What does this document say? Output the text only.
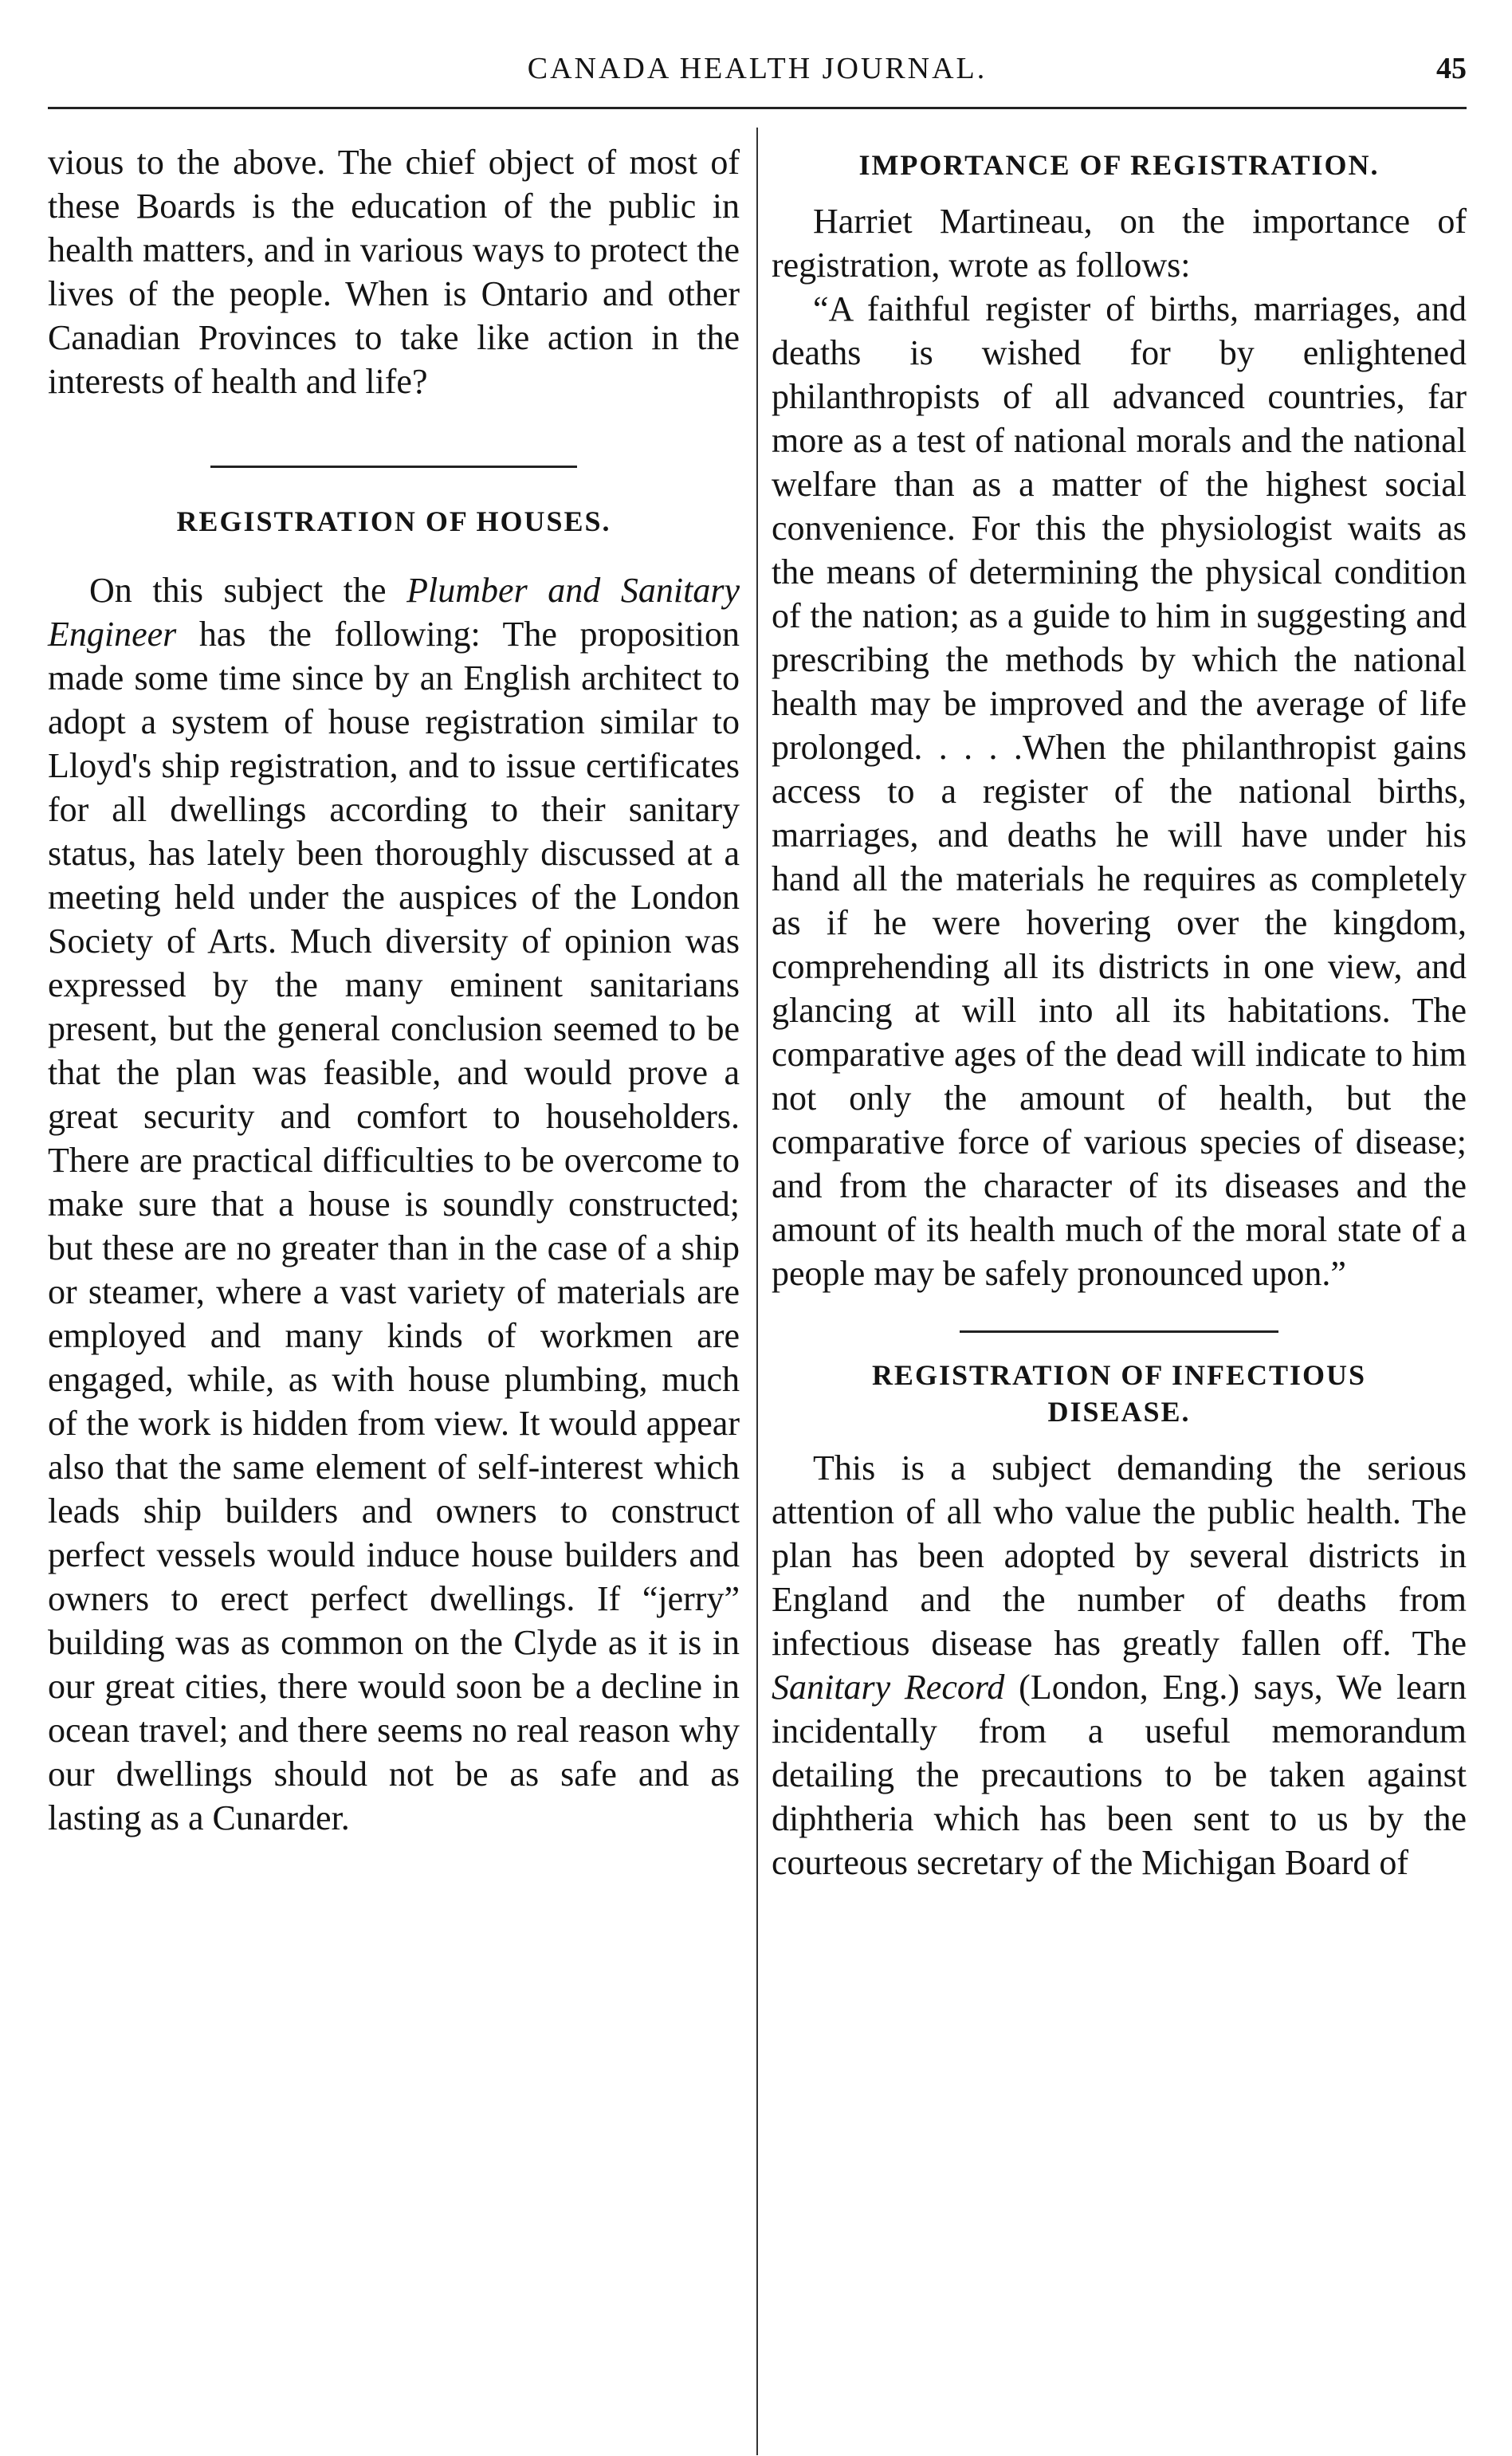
CANADA HEALTH JOURNAL.	45

vious to the above. The chief object of most of these Boards is the education of the public in health matters, and in various ways to protect the lives of the people. When is Ontario and other Canadian Provinces to take like action in the interests of health and life?

REGISTRATION OF HOUSES.

On this subject the Plumber and Sanitary Engineer has the following: The proposition made some time since by an English architect to adopt a system of house registration similar to Lloyd's ship registration, and to issue certificates for all dwellings according to their sanitary status, has lately been thoroughly discussed at a meeting held under the auspices of the London Society of Arts. Much diversity of opinion was expressed by the many eminent sanitarians present, but the general conclusion seemed to be that the plan was feasible, and would prove a great security and comfort to householders. There are practical difficulties to be overcome to make sure that a house is soundly constructed; but these are no greater than in the case of a ship or steamer, where a vast variety of materials are employed and many kinds of workmen are engaged, while, as with house plumbing, much of the work is hidden from view. It would appear also that the same element of self-interest which leads ship builders and owners to construct perfect vessels would induce house builders and owners to erect perfect dwellings. If “jerry” building was as common on the Clyde as it is in our great cities, there would soon be a decline in ocean travel; and there seems no real reason why our dwellings should not be as safe and as lasting as a Cunarder.

IMPORTANCE OF REGISTRATION.

Harriet Martineau, on the importance of registration, wrote as follows:

“A faithful register of births, marriages, and deaths is wished for by enlightened philanthropists of all advanced countries, far more as a test of national morals and the national welfare than as a matter of the highest social convenience. For this the physiologist waits as the means of determining the physical condition of the nation; as a guide to him in suggesting and prescribing the methods by which the national health may be improved and the average of life prolonged. . . . .When the philanthropist gains access to a register of the national births, marriages, and deaths he will have under his hand all the materials he requires as completely as if he were hovering over the kingdom, comprehending all its districts in one view, and glancing at will into all its habitations. The comparative ages of the dead will indicate to him not only the amount of health, but the comparative force of various species of disease; and from the character of its diseases and the amount of its health much of the moral state of a people may be safely pronounced upon.”

REGISTRATION OF INFECTIOUS DISEASE.

This is a subject demanding the serious attention of all who value the public health. The plan has been adopted by several districts in England and the number of deaths from infectious disease has greatly fallen off. The Sanitary Record (London, Eng.) says, We learn incidentally from a useful memorandum detailing the precautions to be taken against diphtheria which has been sent to us by the courteous secretary of the Michigan Board of
